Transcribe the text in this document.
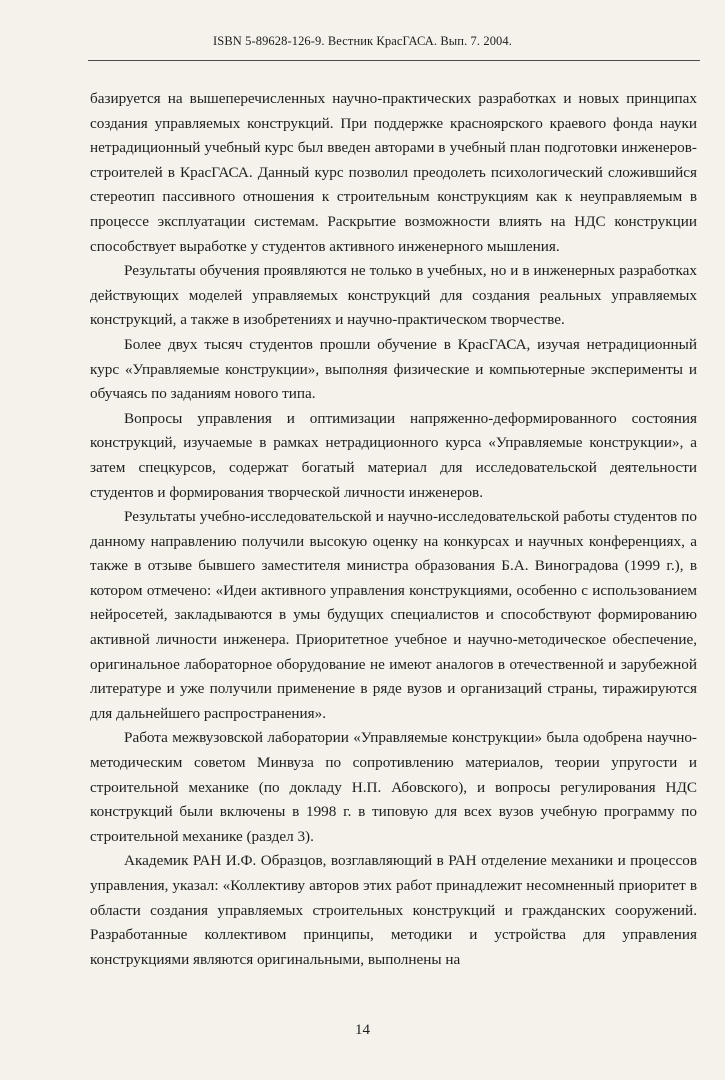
ISBN 5-89628-126-9. Вестник КрасГАСА. Вып. 7. 2004.

базируется на вышеперечисленных научно-практических разработках и новых принципах создания управляемых конструкций. При поддержке красноярского краевого фонда науки нетрадиционный учебный курс был введен авторами в учебный план подготовки инженеров-строителей в КрасГАСА. Данный курс позволил преодолеть психологический сложившийся стереотип пассивного отношения к строительным конструкциям как к неуправляемым в процессе эксплуатации системам. Раскрытие возможности влиять на НДС конструкции способствует выработке у студентов активного инженерного мышления.

Результаты обучения проявляются не только в учебных, но и в инженерных разработках действующих моделей управляемых конструкций для создания реальных управляемых конструкций, а также в изобретениях и научно-практическом творчестве.

Более двух тысяч студентов прошли обучение в КрасГАСА, изучая нетрадиционный курс «Управляемые конструкции», выполняя физические и компьютерные эксперименты и обучаясь по заданиям нового типа.

Вопросы управления и оптимизации напряженно-деформированного состояния конструкций, изучаемые в рамках нетрадиционного курса «Управляемые конструкции», а затем спецкурсов, содержат богатый материал для исследовательской деятельности студентов и формирования творческой личности инженеров.

Результаты учебно-исследовательской и научно-исследовательской работы студентов по данному направлению получили высокую оценку на конкурсах и научных конференциях, а также в отзыве бывшего заместителя министра образования Б.А. Виноградова (1999 г.), в котором отмечено: «Идеи активного управления конструкциями, особенно с использованием нейросетей, закладываются в умы будущих специалистов и способствуют формированию активной личности инженера. Приоритетное учебное и научно-методическое обеспечение, оригинальное лабораторное оборудование не имеют аналогов в отечественной и зарубежной литературе и уже получили применение в ряде вузов и организаций страны, тиражируются для дальнейшего распространения».

Работа межвузовской лаборатории «Управляемые конструкции» была одобрена научно-методическим советом Минвуза по сопротивлению материалов, теории упругости и строительной механике (по докладу Н.П. Абовского), и вопросы регулирования НДС конструкций были включены в 1998 г. в типовую для всех вузов учебную программу по строительной механике (раздел 3).

Академик РАН И.Ф. Образцов, возглавляющий в РАН отделение механики и процессов управления, указал: «Коллективу авторов этих работ принадлежит несомненный приоритет в области создания управляемых строительных конструкций и гражданских сооружений. Разработанные коллективом принципы, методики и устройства для управления конструкциями являются оригинальными, выполнены на

14
